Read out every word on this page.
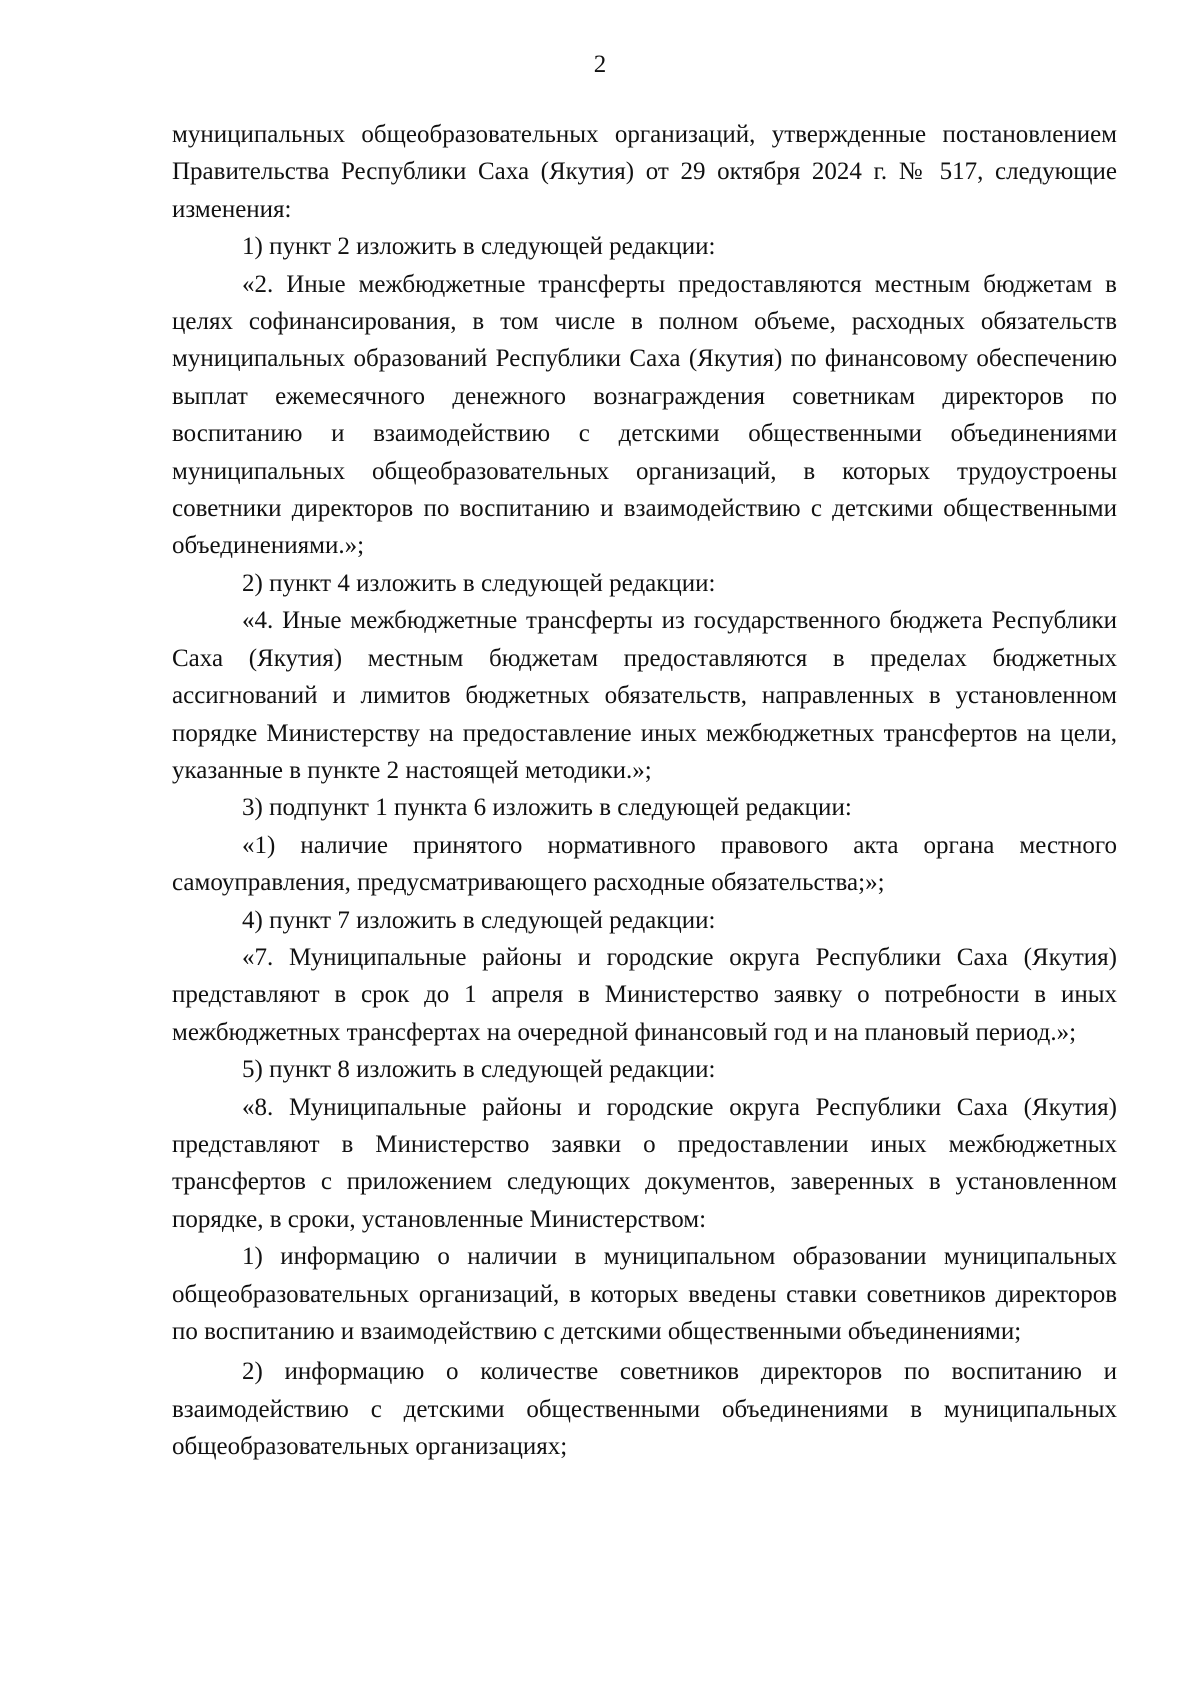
2

муниципальных общеобразовательных организаций, утвержденные постановлением Правительства Республики Саха (Якутия) от 29 октября 2024 г. № 517, следующие изменения:

1) пункт 2 изложить в следующей редакции:

«2. Иные межбюджетные трансферты предоставляются местным бюджетам в целях софинансирования, в том числе в полном объеме, расходных обязательств муниципальных образований Республики Саха (Якутия) по финансовому обеспечению выплат ежемесячного денежного вознаграждения советникам директоров по воспитанию и взаимодействию с детскими общественными объединениями муниципальных общеобразовательных организаций, в которых трудоустроены советники директоров по воспитанию и взаимодействию с детскими общественными объединениями.»;

2) пункт 4 изложить в следующей редакции:

«4. Иные межбюджетные трансферты из государственного бюджета Республики Саха (Якутия) местным бюджетам предоставляются в пределах бюджетных ассигнований и лимитов бюджетных обязательств, направленных в установленном порядке Министерству на предоставление иных межбюджетных трансфертов на цели, указанные в пункте 2 настоящей методики.»;

3) подпункт 1 пункта 6 изложить в следующей редакции:

«1) наличие принятого нормативного правового акта органа местного самоуправления, предусматривающего расходные обязательства;»;

4) пункт 7 изложить в следующей редакции:

«7. Муниципальные районы и городские округа Республики Саха (Якутия) представляют в срок до 1 апреля в Министерство заявку о потребности в иных межбюджетных трансфертах на очередной финансовый год и на плановый период.»;

5) пункт 8 изложить в следующей редакции:

«8. Муниципальные районы и городские округа Республики Саха (Якутия) представляют в Министерство заявки о предоставлении иных межбюджетных трансфертов с приложением следующих документов, заверенных в установленном порядке, в сроки, установленные Министерством:

1) информацию о наличии в муниципальном образовании муниципальных общеобразовательных организаций, в которых введены ставки советников директоров по воспитанию и взаимодействию с детскими общественными объединениями;

2) информацию о количестве советников директоров по воспитанию и взаимодействию с детскими общественными объединениями в муниципальных общеобразовательных организациях;
